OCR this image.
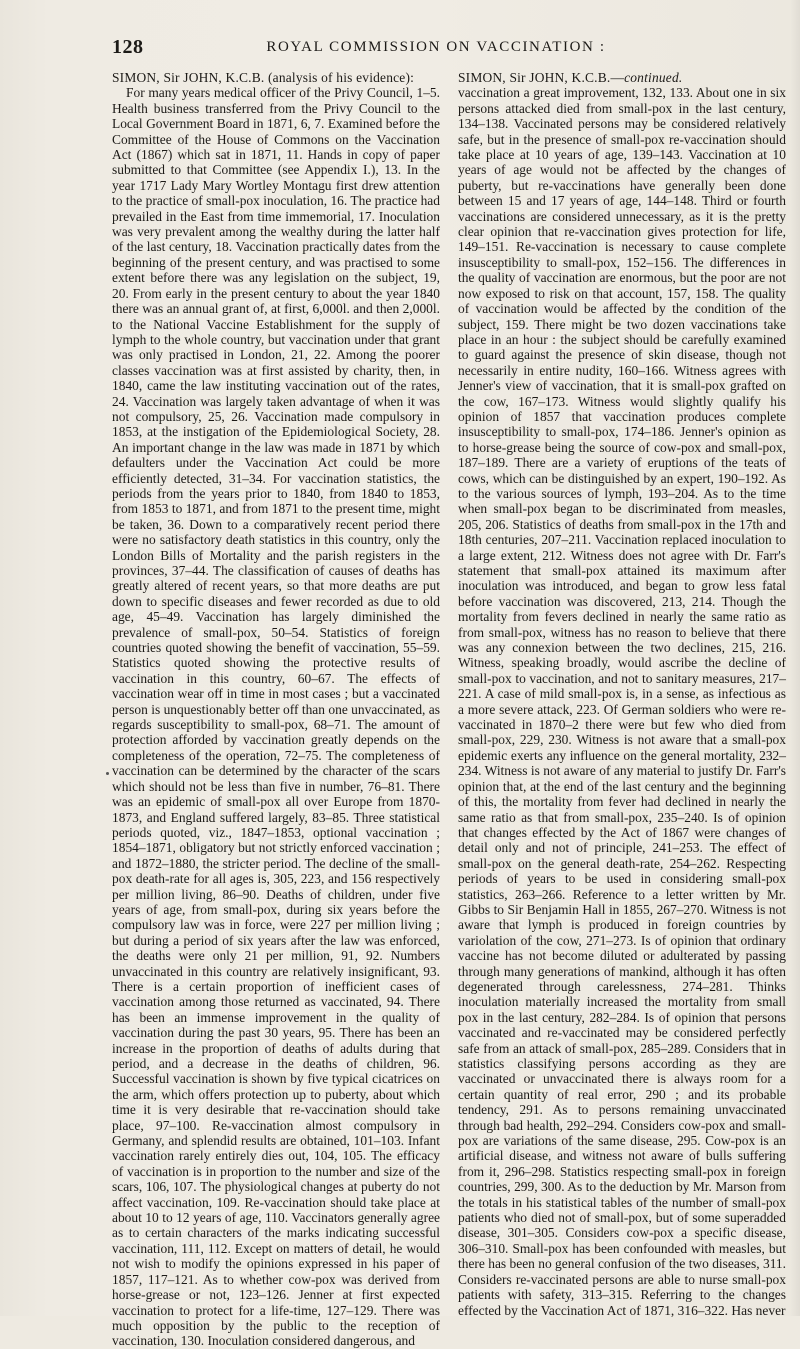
128	ROYAL COMMISSION ON VACCINATION :
SIMON, Sir JOHN, K.C.B. (analysis of his evidence):
For many years medical officer of the Privy Council, 1–5. Health business transferred from the Privy Council to the Local Government Board in 1871, 6, 7. Examined before the Committee of the House of Commons on the Vaccination Act (1867) which sat in 1871, 11. Hands in copy of paper submitted to that Committee (see Appendix I.), 13. In the year 1717 Lady Mary Wortley Montagu first drew attention to the practice of small-pox inoculation, 16. The practice had prevailed in the East from time immemorial, 17. Inoculation was very prevalent among the wealthy during the latter half of the last century, 18. Vaccination practically dates from the beginning of the present century, and was practised to some extent before there was any legislation on the subject, 19, 20. From early in the present century to about the year 1840 there was an annual grant of, at first, 6,000l. and then 2,000l. to the National Vaccine Establishment for the supply of lymph to the whole country, but vaccination under that grant was only practised in London, 21, 22. Among the poorer classes vaccination was at first assisted by charity, then, in 1840, came the law instituting vaccination out of the rates, 24. Vaccination was largely taken advantage of when it was not compulsory, 25, 26. Vaccination made compulsory in 1853, at the instigation of the Epidemiological Society, 28. An important change in the law was made in 1871 by which defaulters under the Vaccination Act could be more efficiently detected, 31–34. For vaccination statistics, the periods from the years prior to 1840, from 1840 to 1853, from 1853 to 1871, and from 1871 to the present time, might be taken, 36. Down to a comparatively recent period there were no satisfactory death statistics in this country, only the London Bills of Mortality and the parish registers in the provinces, 37–44. The classification of causes of deaths has greatly altered of recent years, so that more deaths are put down to specific diseases and fewer recorded as due to old age, 45–49. Vaccination has largely diminished the prevalence of small-pox, 50–54. Statistics of foreign countries quoted showing the benefit of vaccination, 55–59. Statistics quoted showing the protective results of vaccination in this country, 60–67. The effects of vaccination wear off in time in most cases ; but a vaccinated person is unquestionably better off than one unvaccinated, as regards susceptibility to small-pox, 68–71. The amount of protection afforded by vaccination greatly depends on the completeness of the operation, 72–75. The completeness of vaccination can be determined by the character of the scars which should not be less than five in number, 76–81. There was an epidemic of small-pox all over Europe from 1870-1873, and England suffered largely, 83–85. Three statistical periods quoted, viz., 1847–1853, optional vaccination ; 1854–1871, obligatory but not strictly enforced vaccination ; and 1872–1880, the stricter period. The decline of the small-pox death-rate for all ages is, 305, 223, and 156 respectively per million living, 86–90. Deaths of children, under five years of age, from small-pox, during six years before the compulsory law was in force, were 227 per million living ; but during a period of six years after the law was enforced, the deaths were only 21 per million, 91, 92. Numbers unvaccinated in this country are relatively insignificant, 93. There is a certain proportion of inefficient cases of vaccination among those returned as vaccinated, 94. There has been an immense improvement in the quality of vaccination during the past 30 years, 95. There has been an increase in the proportion of deaths of adults during that period, and a decrease in the deaths of children, 96. Successful vaccination is shown by five typical cicatrices on the arm, which offers protection up to puberty, about which time it is very desirable that re-vaccination should take place, 97–100. Re-vaccination almost compulsory in Germany, and splendid results are obtained, 101–103. Infant vaccination rarely entirely dies out, 104, 105. The efficacy of vaccination is in proportion to the number and size of the scars, 106, 107. The physiological changes at puberty do not affect vaccination, 109. Re-vaccination should take place at about 10 to 12 years of age, 110. Vaccinators generally agree as to certain characters of the marks indicating successful vaccination, 111, 112. Except on matters of detail, he would not wish to modify the opinions expressed in his paper of 1857, 117–121. As to whether cow-pox was derived from horse-grease or not, 123–126. Jenner at first expected vaccination to protect for a life-time, 127–129. There was much opposition by the public to the reception of vaccination, 130. Inoculation considered dangerous, and
SIMON, Sir JOHN, K.C.B.—continued.
vaccination a great improvement, 132, 133. About one in six persons attacked died from small-pox in the last century, 134–138. Vaccinated persons may be considered relatively safe, but in the presence of small-pox re-vaccination should take place at 10 years of age, 139–143. Vaccination at 10 years of age would not be affected by the changes of puberty, but re-vaccinations have generally been done between 15 and 17 years of age, 144–148. Third or fourth vaccinations are considered unnecessary, as it is the pretty clear opinion that re-vaccination gives protection for life, 149–151. Re-vaccination is necessary to cause complete insusceptibility to small-pox, 152–156. The differences in the quality of vaccination are enormous, but the poor are not now exposed to risk on that account, 157, 158. The quality of vaccination would be affected by the condition of the subject, 159. There might be two dozen vaccinations take place in an hour : the subject should be carefully examined to guard against the presence of skin disease, though not necessarily in entire nudity, 160–166. Witness agrees with Jenner's view of vaccination, that it is small-pox grafted on the cow, 167–173. Witness would slightly qualify his opinion of 1857 that vaccination produces complete insusceptibility to small-pox, 174–186. Jenner's opinion as to horse-grease being the source of cow-pox and small-pox, 187–189. There are a variety of eruptions of the teats of cows, which can be distinguished by an expert, 190–192. As to the various sources of lymph, 193–204. As to the time when small-pox began to be discriminated from measles, 205, 206. Statistics of deaths from small-pox in the 17th and 18th centuries, 207–211. Vaccination replaced inoculation to a large extent, 212. Witness does not agree with Dr. Farr's statement that small-pox attained its maximum after inoculation was introduced, and began to grow less fatal before vaccination was discovered, 213, 214. Though the mortality from fevers declined in nearly the same ratio as from small-pox, witness has no reason to believe that there was any connexion between the two declines, 215, 216. Witness, speaking broadly, would ascribe the decline of small-pox to vaccination, and not to sanitary measures, 217–221. A case of mild small-pox is, in a sense, as infectious as a more severe attack, 223. Of German soldiers who were re-vaccinated in 1870–2 there were but few who died from small-pox, 229, 230. Witness is not aware that a small-pox epidemic exerts any influence on the general mortality, 232–234. Witness is not aware of any material to justify Dr. Farr's opinion that, at the end of the last century and the beginning of this, the mortality from fever had declined in nearly the same ratio as that from small-pox, 235–240. Is of opinion that changes effected by the Act of 1867 were changes of detail only and not of principle, 241–253. The effect of small-pox on the general death-rate, 254–262. Respecting periods of years to be used in considering small-pox statistics, 263–266. Reference to a letter written by Mr. Gibbs to Sir Benjamin Hall in 1855, 267–270. Witness is not aware that lymph is produced in foreign countries by variolation of the cow, 271–273. Is of opinion that ordinary vaccine has not become diluted or adulterated by passing through many generations of mankind, although it has often degenerated through carelessness, 274–281. Thinks inoculation materially increased the mortality from small pox in the last century, 282–284. Is of opinion that persons vaccinated and re-vaccinated may be considered perfectly safe from an attack of small-pox, 285–289. Considers that in statistics classifying persons according as they are vaccinated or unvaccinated there is always room for a certain quantity of real error, 290 ; and its probable tendency, 291. As to persons remaining unvaccinated through bad health, 292–294. Considers cow-pox and small-pox are variations of the same disease, 295. Cow-pox is an artificial disease, and witness not aware of bulls suffering from it, 296–298. Statistics respecting small-pox in foreign countries, 299, 300. As to the deduction by Mr. Marson from the totals in his statistical tables of the number of small-pox patients who died not of small-pox, but of some superadded disease, 301–305. Considers cow-pox a specific disease, 306–310. Small-pox has been confounded with measles, but there has been no general confusion of the two diseases, 311. Considers re-vaccinated persons are able to nurse small-pox patients with safety, 313–315. Referring to the changes effected by the Vaccination Act of 1871, 316–322. Has never
